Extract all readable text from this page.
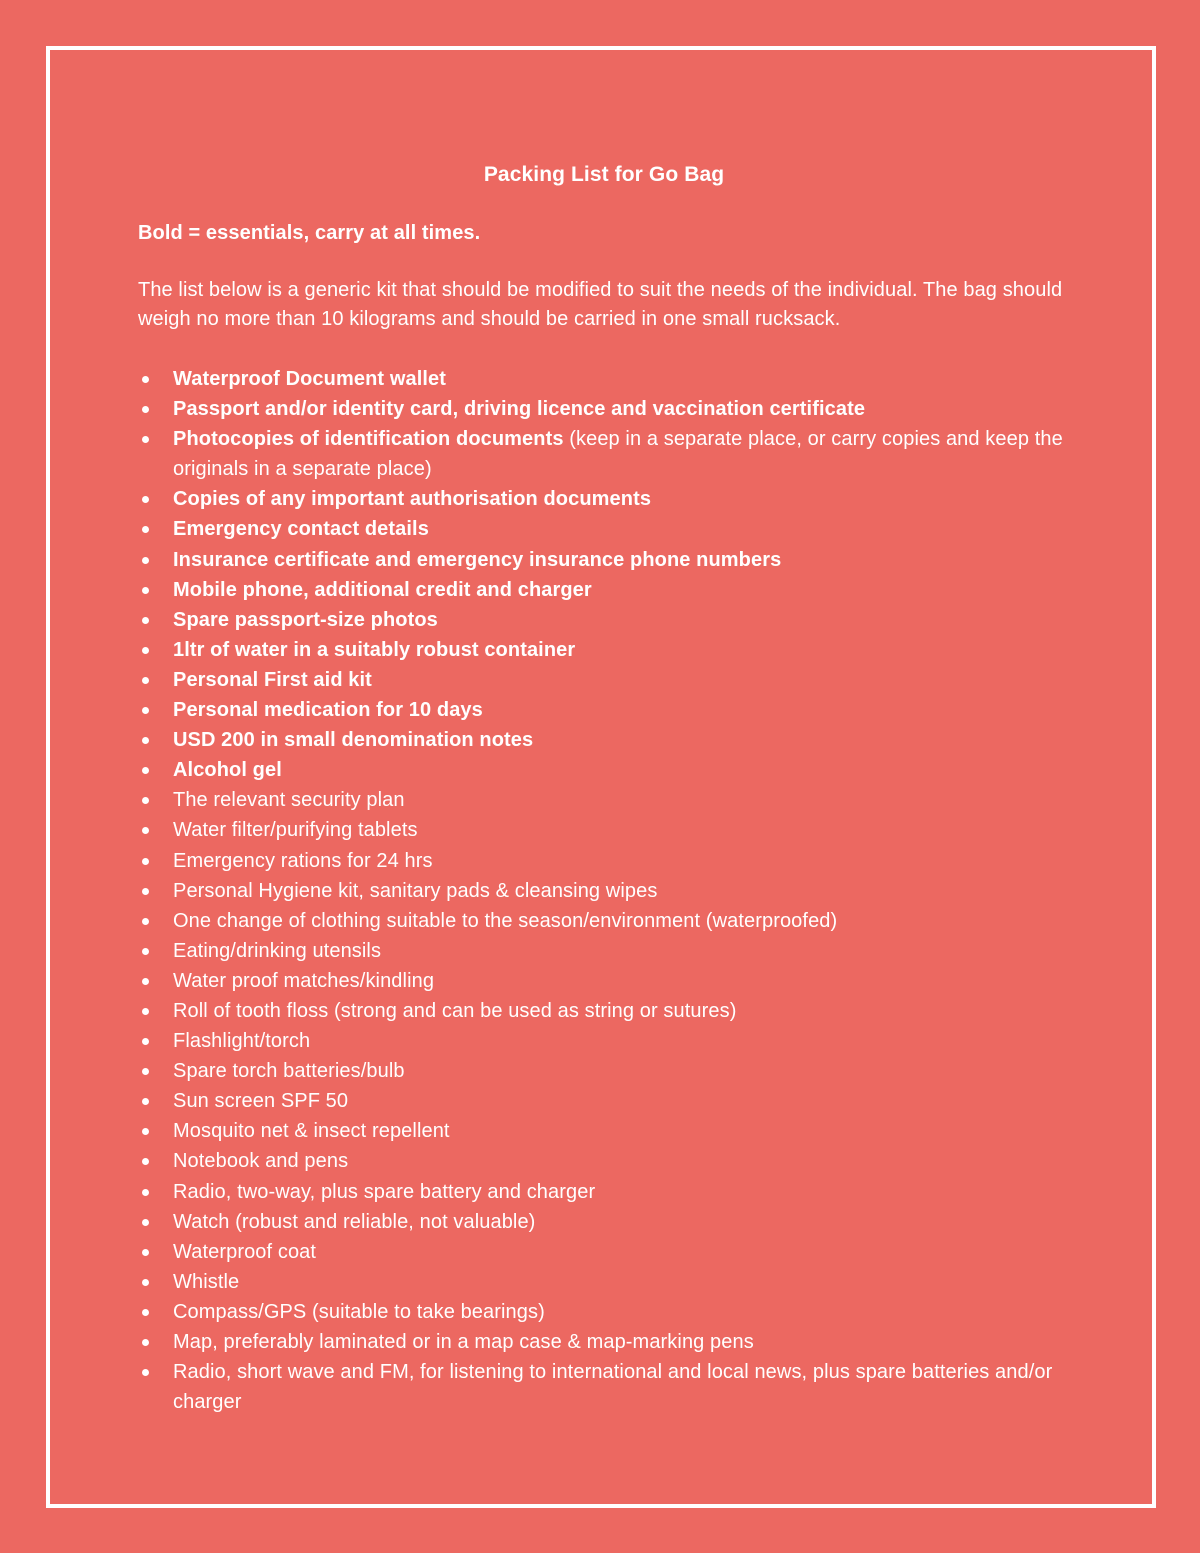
Packing List for Go Bag
Bold = essentials, carry at all times.
The list below is a generic kit that should be modified to suit the needs of the individual. The bag should weigh no more than 10 kilograms and should be carried in one small rucksack.
Waterproof Document wallet
Passport and/or identity card, driving licence and vaccination certificate
Photocopies of identification documents (keep in a separate place, or carry copies and keep the originals in a separate place)
Copies of any important authorisation documents
Emergency contact details
Insurance certificate and emergency insurance phone numbers
Mobile phone, additional credit and charger
Spare passport-size photos
1ltr of water in a suitably robust container
Personal First aid kit
Personal medication for 10 days
USD 200 in small denomination notes
Alcohol gel
The relevant security plan
Water filter/purifying tablets
Emergency rations for 24 hrs
Personal Hygiene kit, sanitary pads & cleansing wipes
One change of clothing suitable to the season/environment (waterproofed)
Eating/drinking utensils
Water proof matches/kindling
Roll of tooth floss (strong and can be used as string or sutures)
Flashlight/torch
Spare torch batteries/bulb
Sun screen SPF 50
Mosquito net & insect repellent
Notebook and pens
Radio, two-way, plus spare battery and charger
Watch (robust and reliable, not valuable)
Waterproof coat
Whistle
Compass/GPS (suitable to take bearings)
Map, preferably laminated or in a map case & map-marking pens
Radio, short wave and FM, for listening to international and local news, plus spare batteries and/or charger
